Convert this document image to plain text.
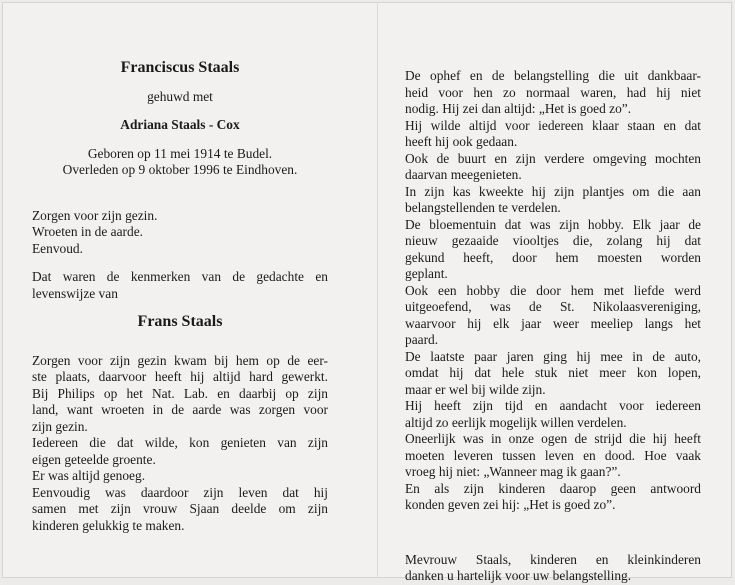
Franciscus Staals
gehuwd met
Adriana Staals - Cox
Geboren op 11 mei 1914 te Budel.
Overleden op 9 oktober 1996 te Eindhoven.
Zorgen voor zijn gezin.
Wroeten in de aarde.
Eenvoud.
Dat waren de kenmerken van de gedachte en
levenswijze van
Frans Staals
Zorgen voor zijn gezin kwam bij hem op de eer-
ste plaats, daarvoor heeft hij altijd hard gewerkt.
Bij Philips op het Nat. Lab. en daarbij op zijn
land, want wroeten in de aarde was zorgen voor
zijn gezin.
Iedereen die dat wilde, kon genieten van zijn
eigen geteelde groente.
Er was altijd genoeg.
Eenvoudig was daardoor zijn leven dat hij
samen met zijn vrouw Sjaan deelde om zijn
kinderen gelukkig te maken.
De ophef en de belangstelling die uit dankbaar-
heid voor hen zo normaal waren, had hij niet
nodig. Hij zei dan altijd: „Het is goed zo”.
Hij wilde altijd voor iedereen klaar staan en dat
heeft hij ook gedaan.
Ook de buurt en zijn verdere omgeving mochten
daarvan meegenieten.
In zijn kas kweekte hij zijn plantjes om die aan
belangstellenden te verdelen.
De bloementuin dat was zijn hobby. Elk jaar de
nieuw gezaaide viooltjes die, zolang hij dat
gekund heeft, door hem moesten worden
geplant.
Ook een hobby die door hem met liefde werd
uitgeoefend, was de St. Nikolaasvereniging,
waarvoor hij elk jaar weer meeliep langs het
paard.
De laatste paar jaren ging hij mee in de auto,
omdat hij dat hele stuk niet meer kon lopen,
maar er wel bij wilde zijn.
Hij heeft zijn tijd en aandacht voor iedereen
altijd zo eerlijk mogelijk willen verdelen.
Oneerlijk was in onze ogen de strijd die hij heeft
moeten leveren tussen leven en dood. Hoe vaak
vroeg hij niet: „Wanneer mag ik gaan?”.
En als zijn kinderen daarop geen antwoord
konden geven zei hij: „Het is goed zo”.
Mevrouw Staals, kinderen en kleinkinderen
danken u hartelijk voor uw belangstelling.
